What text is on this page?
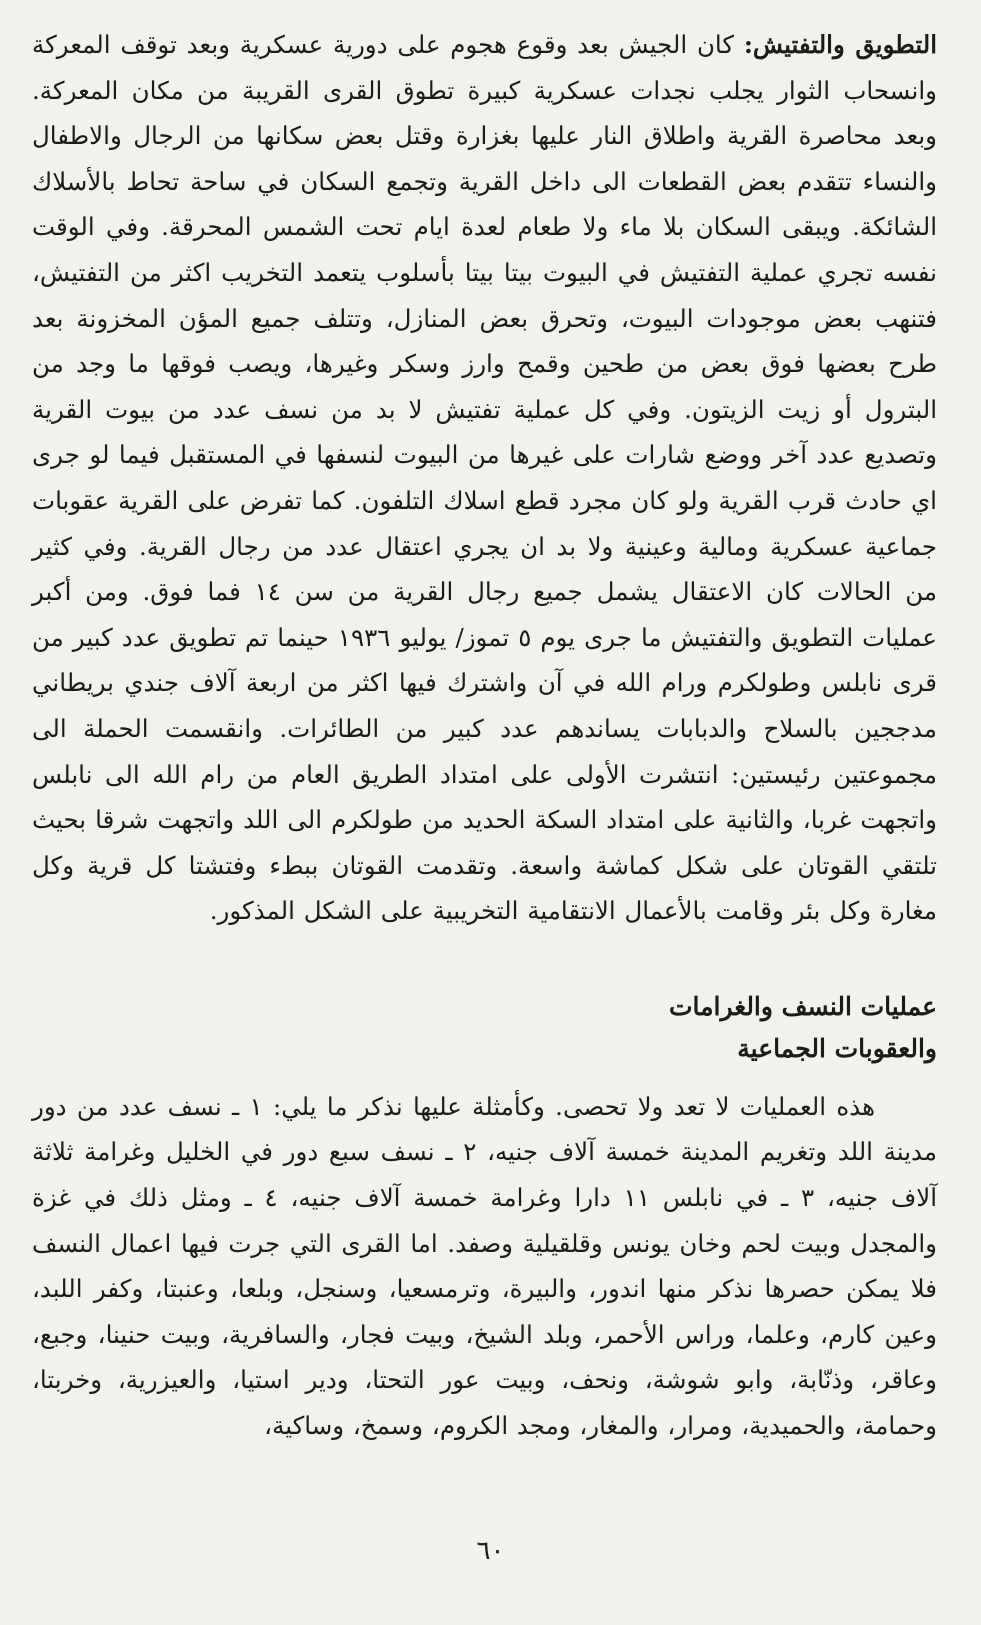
التطويق والتفتيش: كان الجيش بعد وقوع هجوم على دورية عسكرية وبعد توقف المعركة وانسحاب الثوار يجلب نجدات عسكرية كبيرة تطوق القرى القريبة من مكان المعركة. وبعد محاصرة القرية واطلاق النار عليها بغزارة وقتل بعض سكانها من الرجال والاطفال والنساء تتقدم بعض القطعات الى داخل القرية وتجمع السكان في ساحة تحاط بالأسلاك الشائكة. ويبقى السكان بلا ماء ولا طعام لعدة ايام تحت الشمس المحرقة. وفي الوقت نفسه تجري عملية التفتيش في البيوت بيتا بيتا بأسلوب يتعمد التخريب اكثر من التفتيش، فتنهب بعض موجودات البيوت، وتحرق بعض المنازل، وتتلف جميع المؤن المخزونة بعد طرح بعضها فوق بعض من طحين وقمح وارز وسكر وغيرها، ويصب فوقها ما وجد من البترول أو زيت الزيتون. وفي كل عملية تفتيش لا بد من نسف عدد من بيوت القرية وتصديع عدد آخر ووضع شارات على غيرها من البيوت لنسفها في المستقبل فيما لو جرى اي حادث قرب القرية ولو كان مجرد قطع اسلاك التلفون. كما تفرض على القرية عقوبات جماعية عسكرية ومالية وعينية ولا بد ان يجري اعتقال عدد من رجال القرية. وفي كثير من الحالات كان الاعتقال يشمل جميع رجال القرية من سن ١٤ فما فوق. ومن أكبر عمليات التطويق والتفتيش ما جرى يوم ٥ تموز/ يوليو ١٩٣٦ حينما تم تطويق عدد كبير من قرى نابلس وطولكرم ورام الله في آن واشترك فيها اكثر من اربعة آلاف جندي بريطاني مدججين بالسلاح والدبابات يساندهم عدد كبير من الطائرات. وانقسمت الحملة الى مجموعتين رئيستين: انتشرت الأولى على امتداد الطريق العام من رام الله الى نابلس واتجهت غربا، والثانية على امتداد السكة الحديد من طولكرم الى اللد واتجهت شرقا بحيث تلتقي القوتان على شكل كماشة واسعة. وتقدمت القوتان ببطء وفتشتا كل قرية وكل مغارة وكل بئر وقامت بالأعمال الانتقامية التخريبية على الشكل المذكور.

عمليات النسف والغرامات

والعقوبات الجماعية

هذه العمليات لا تعد ولا تحصى. وكأمثلة عليها نذكر ما يلي: ١ ـ نسف عدد من دور مدينة اللد وتغريم المدينة خمسة آلاف جنيه، ٢ ـ نسف سبع دور في الخليل وغرامة ثلاثة آلاف جنيه، ٣ ـ في نابلس ١١ دارا وغرامة خمسة آلاف جنيه، ٤ ـ ومثل ذلك في غزة والمجدل وبيت لحم وخان يونس وقلقيلية وصفد. اما القرى التي جرت فيها اعمال النسف فلا يمكن حصرها نذكر منها اندور، والبيرة، وترمسعيا، وسنجل، وبلعا، وعنبتا، وكفر اللبد، وعين كارم، وعلما، وراس الأحمر، وبلد الشيخ، وبيت فجار، والسافرية، وبيت حنينا، وجبع، وعاقر، وذنّابة، وابو شوشة، ونحف، وبيت عور التحتا، ودير استيا، والعيزرية، وخربتا، وحمامة، والحميدية، ومرار، والمغار، ومجد الكروم، وسمخ، وساكية،

٦٠
